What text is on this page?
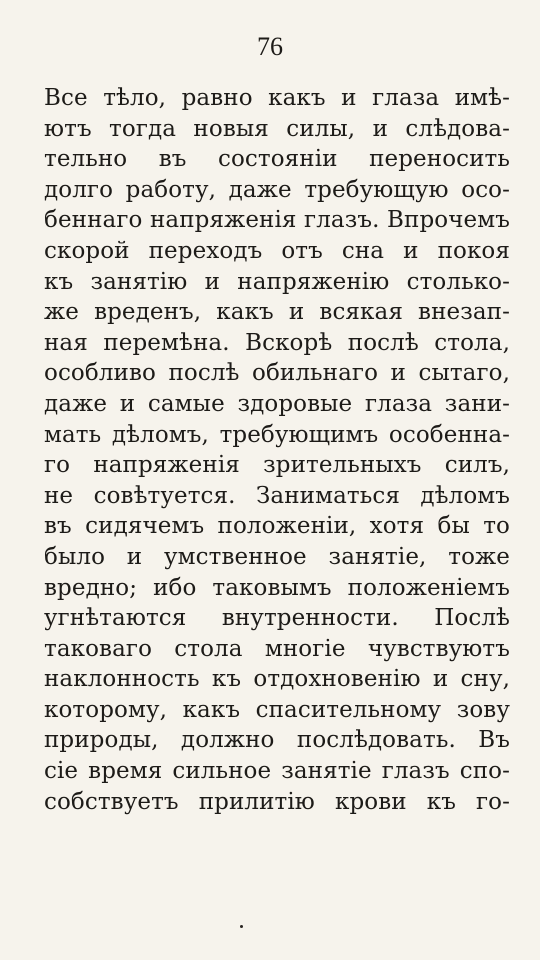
76
Все тѣло, равно какъ и глаза имѣ-
ютъ тогда новыя силы, и слѣдова-
тельно въ состояніи переносить
долго работу, даже требующую осо-
беннаго напряженія глазъ. Впрочемъ
скорой переходъ отъ сна и покоя
къ занятію и напряженію столько-
же вреденъ, какъ и всякая внезап-
ная перемѣна. Вскорѣ послѣ стола,
особливо послѣ обильнаго и сытаго,
даже и самые здоровые глаза зани-
мать дѣломъ, требующимъ особенна-
го напряженія зрительныхъ силъ,
не совѣтуется. Заниматься дѣломъ
въ сидячемъ положеніи, хотя бы то
было и умственное занятіе, тоже
вредно; ибо таковымъ положеніемъ
угнѣтаются внутренности. Послѣ
таковаго стола многіе чувствуютъ
наклонность къ отдохновенію и сну,
которому, какъ спасительному зову
природы, должно послѣдовать. Въ
сіе время сильное занятіе глазъ спо-
собствуетъ прилитію крови къ го-
